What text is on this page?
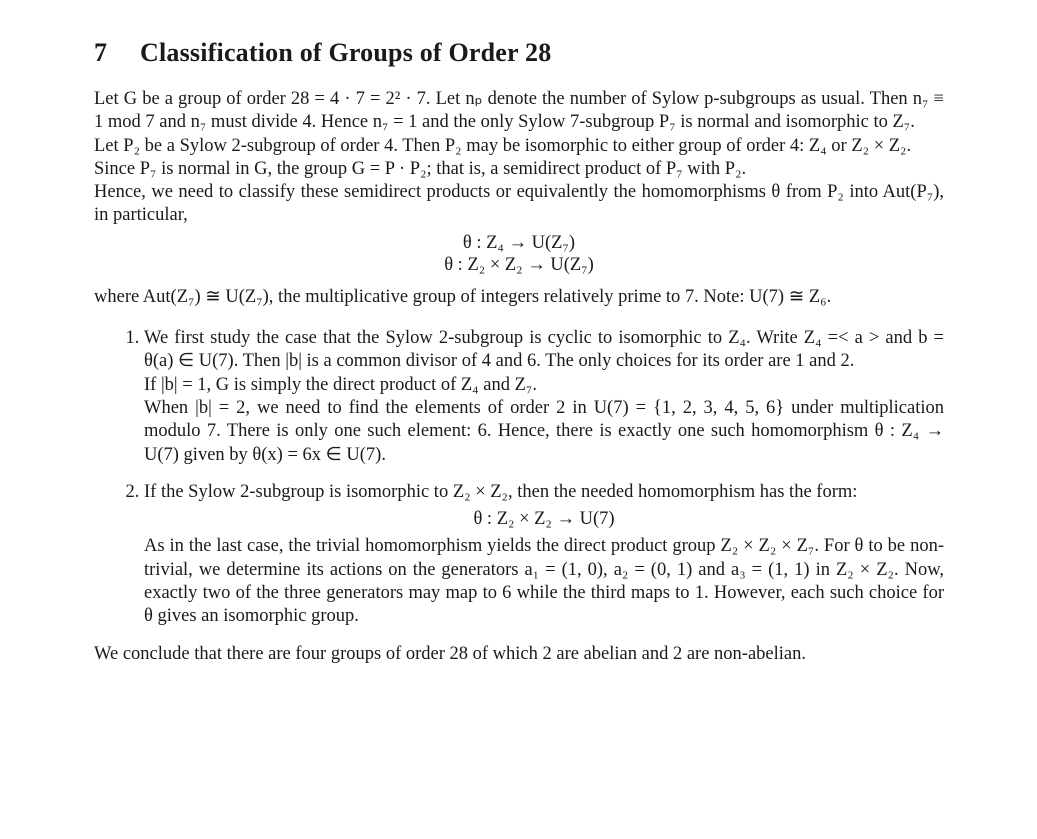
7 Classification of Groups of Order 28

Let G be a group of order 28 = 4 · 7 = 2² · 7. Let nₚ denote the number of Sylow p-subgroups as usual. Then n₇ ≡ 1 mod 7 and n₇ must divide 4. Hence n₇ = 1 and the only Sylow 7-subgroup P₇ is normal and isomorphic to Z₇.

Let P₂ be a Sylow 2-subgroup of order 4. Then P₂ may be isomorphic to either group of order 4: Z₄ or Z₂ × Z₂.

Since P₇ is normal in G, the group G = P · P₂; that is, a semidirect product of P₇ with P₂.

Hence, we need to classify these semidirect products or equivalently the homomorphisms θ from P₂ into Aut(P₇), in particular,

θ : Z₄ → U(Z₇)
θ : Z₂ × Z₂ → U(Z₇)

where Aut(Z₇) ≅ U(Z₇), the multiplicative group of integers relatively prime to 7. Note: U(7) ≅ Z₆.

1. We first study the case that the Sylow 2-subgroup is cyclic to isomorphic to Z₄. Write Z₄ =< a > and b = θ(a) ∈ U(7). Then |b| is a common divisor of 4 and 6. The only choices for its order are 1 and 2.

If |b| = 1, G is simply the direct product of Z₄ and Z₇.

When |b| = 2, we need to find the elements of order 2 in U(7) = {1, 2, 3, 4, 5, 6} under multiplication modulo 7. There is only one such element: 6. Hence, there is exactly one such homomorphism θ : Z₄ → U(7) given by θ(x) = 6x ∈ U(7).

2. If the Sylow 2-subgroup is isomorphic to Z₂ × Z₂, then the needed homomorphism has the form:

θ : Z₂ × Z₂ → U(7)

As in the last case, the trivial homomorphism yields the direct product group Z₂ × Z₂ × Z₇. For θ to be non-trivial, we determine its actions on the generators a₁ = (1, 0), a₂ = (0, 1) and a₃ = (1, 1) in Z₂ × Z₂. Now, exactly two of the three generators may map to 6 while the third maps to 1. However, each such choice for θ gives an isomorphic group.

We conclude that there are four groups of order 28 of which 2 are abelian and 2 are non-abelian.
